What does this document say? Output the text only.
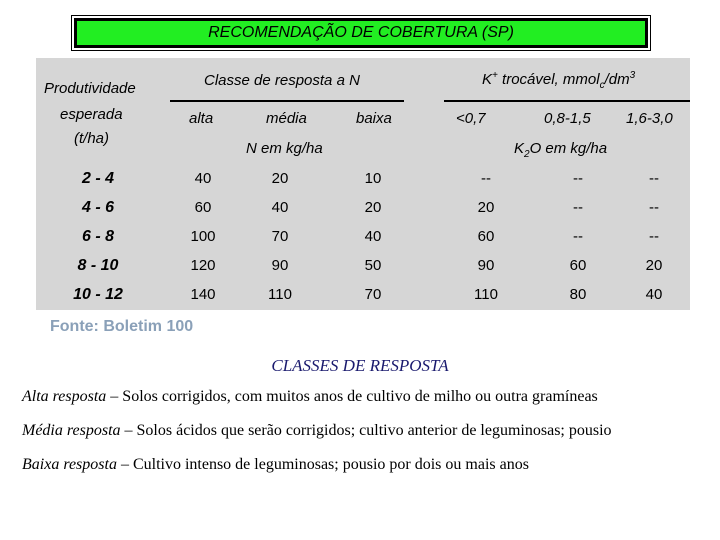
RECOMENDAÇÃO DE COBERTURA (SP)
Produtividade
esperada
(t/ha)
Classe de resposta a N	K+ trocável, $mmol_c/dm^3$
alta	média	baixa	<0,7	0,8-1,5 1,6-3,0
N em kg/ha	$K_2O$ em kg/ha
2 - 4	40	20	10	--	--	--
4 - 6	60	40	20	20	--	--
6 - 8	100	70	40	60	--	--
8 - 10	120	90	50	90	60	20
10 - 12	140	110	70	110	80	40
Fonte: Boletim 100
CLASSES DE RESPOSTA
Alta resposta – Solos corrigidos, com muitos anos de cultivo de milho ou outra gramíneas
Média resposta – Solos ácidos que serão corrigidos; cultivo anterior de leguminosas; pousio
Baixa resposta – Cultivo intenso de leguminosas; pousio por dois ou mais anos
